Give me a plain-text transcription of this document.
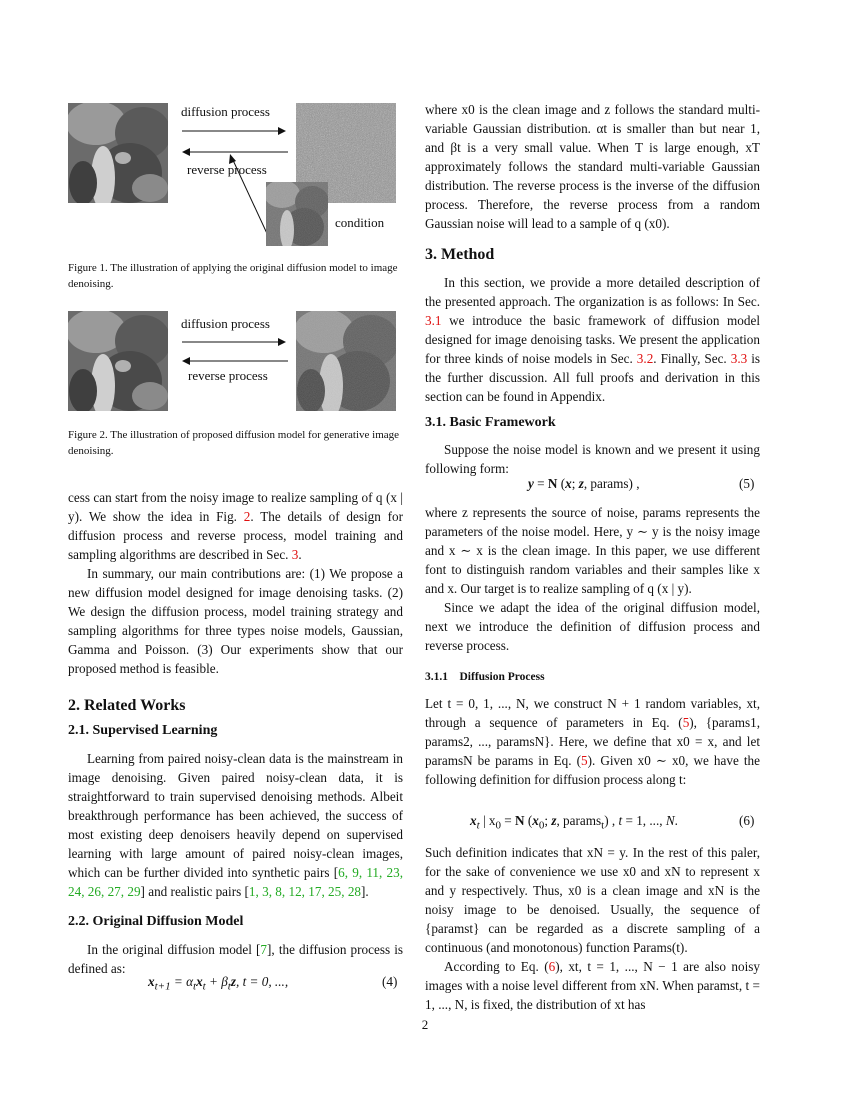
diffusion process
reverse process
condition
Figure 1. The illustration of applying the original diffusion model to image denoising.
diffusion process
reverse process
Figure 2. The illustration of proposed diffusion model for generative image denoising.

cess can start from the noisy image to realize sampling of q (x | y). We show the idea in Fig. 2. The details of design for diffusion process and reverse process, model training and sampling algorithms are described in Sec. 3.

In summary, our main contributions are: (1) We propose a new diffusion model designed for image denoising tasks. (2) We design the diffusion process, model training strategy and sampling algorithms for three types noise models, Gaussian, Gamma and Poisson. (3) Our experiments show that our proposed method is feasible.

2. Related Works
2.1. Supervised Learning

Learning from paired noisy-clean data is the mainstream in image denoising. Given paired noisy-clean data, it is straightforward to train supervised denoising methods. Albeit breakthrough performance has been achieved, the success of most existing deep denoisers heavily depend on supervised learning with large amount of paired noisy-clean images, which can be further divided into synthetic pairs [6, 9, 11, 23, 24, 26, 27, 29] and realistic pairs [1, 3, 8, 12, 17, 25, 28].

2.2. Original Diffusion Model

In the original diffusion model [7], the diffusion process is defined as:

$x_{t+1} = \alpha_tx_t + \beta_tz$, t = 0, ...,	(4)

where x0 is the clean image and z follows the standard multi-variable Gaussian distribution. αt is smaller than but near 1, and βt is a very small value. When T is large enough, xT approximately follows the standard multi-variable Gaussian distribution. The reverse process is the inverse of the diffusion process. Therefore, the reverse process from a random Gaussian noise will lead to a sample of q (x0).

3. Method

In this section, we provide a more detailed description of the presented approach. The organization is as follows: In Sec. 3.1 we introduce the basic framework of diffusion model designed for image denoising tasks. We present the application for three kinds of noise models in Sec. 3.2. Finally, Sec. 3.3 is the further discussion. All full proofs and derivation in this section can be found in Appendix.

3.1. Basic Framework

Suppose the noise model is known and we present it using following form:

y = N (x; z, params) ,	(5)

where z represents the source of noise, params represents the parameters of the noise model. Here, y ∼ y is the noisy image and x ∼ x is the clean image. In this paper, we use different font to distinguish random variables and their samples like x and x. Our target is to realize sampling of q (x | y).

Since we adapt the idea of the original diffusion model, next we introduce the definition of diffusion process and reverse process.

3.1.1 Diffusion Process

Let t = 0, 1, ..., N, we construct N + 1 random variables, xt, through a sequence of parameters in Eq. (5), {params1, params2, ..., paramsN}. Here, we define that x0 = x, and let paramsN be params in Eq. (5). Given x0 ∼ x0, we have the following definition for diffusion process along t:

$x_t$ | $x_0 = N$ ($x_0$; z, params$_t$) , t = 1, ..., N.	(6)

Such definition indicates that xN = y. In the rest of this paler, for the sake of convenience we use x0 and xN to represent x and y respectively. Thus, x0 is a clean image and xN is the noisy image to be denoised. Usually, the sequence of {paramst} can be regarded as a discrete sampling of a continuous (and monotonous) function Params(t).

According to Eq. (6), xt, t = 1, ..., N − 1 are also noisy images with a noise level different from xN. When paramst, t = 1, ..., N, is fixed, the distribution of xt has

2
